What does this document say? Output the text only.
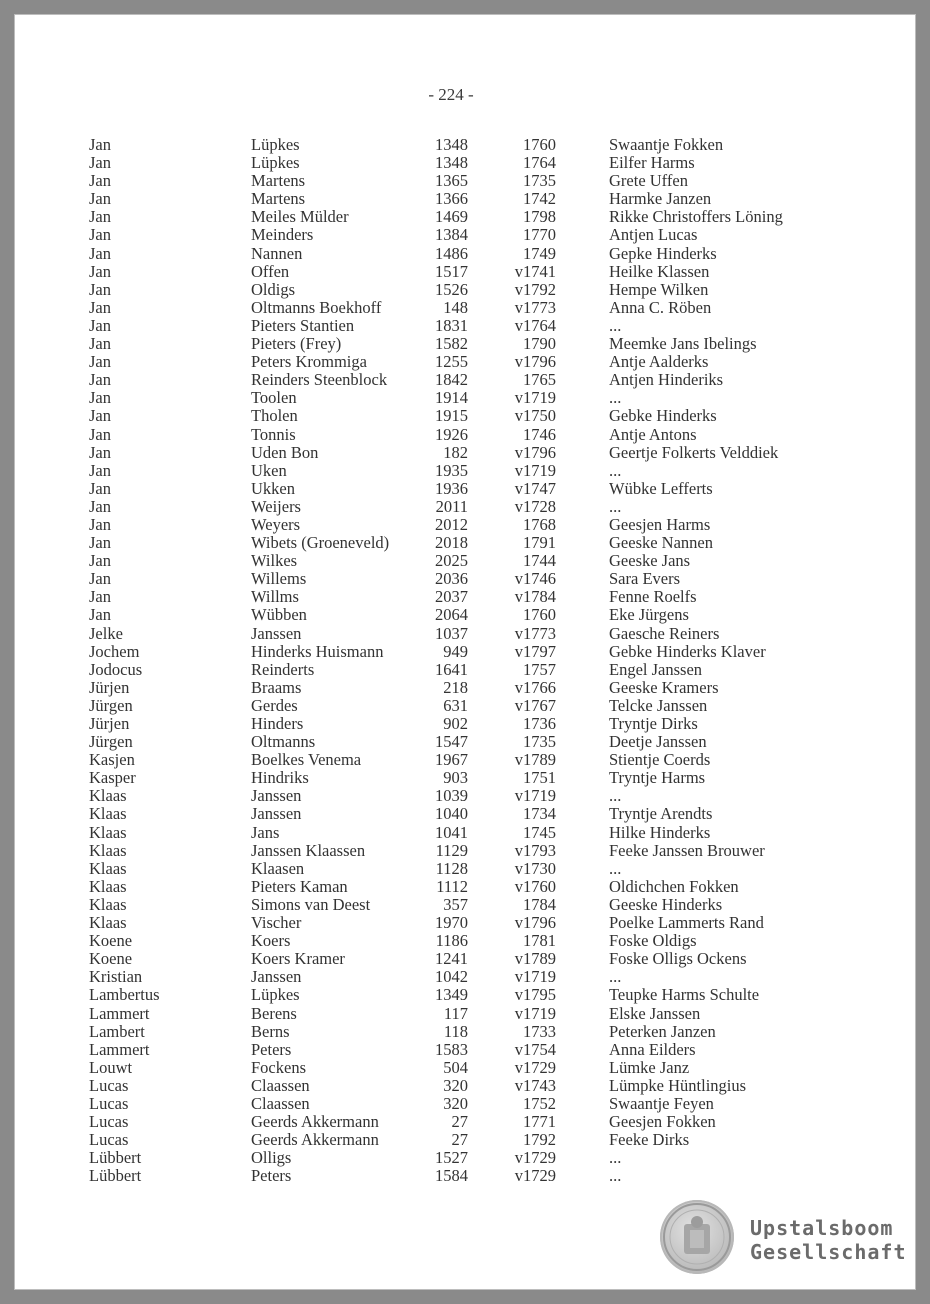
Jan	Lüpkes	1348	1760	Swaantje Fokken
Jan	Lüpkes	1348	1764	Eilfer Harms
Jan	Martens	1365	1735	Grete Uffen
Jan	Martens	1366	1742	Harmke Janzen
Jan	Meiles Mülder	1469	1798	Rikke Christoffers Löning
Jan	Meinders	1384	1770	Antjen Lucas
Jan	Nannen	1486	1749	Gepke Hinderks
Jan	Offen	1517	v1741	Heilke Klassen
Jan	Oldigs	1526	v1792	Hempe Wilken
Jan	Oltmanns Boekhoff	148	v1773	Anna C. Röben
Jan	Pieters Stantien	1831	v1764	...
Jan	Pieters (Frey)	1582	1790	Meemke Jans Ibelings
Jan	Peters Krommiga	1255	v1796	Antje Aalderks
Jan	Reinders Steenblock	1842	1765	Antjen Hinderiks
Jan	Toolen	1914	v1719	...
Jan	Tholen	1915	v1750	Gebke Hinderks
Jan	Tonnis	1926	1746	Antje Antons
Jan	Uden Bon	182	v1796	Geertje Folkerts Velddiek
Jan	Uken	1935	v1719	...
Jan	Ukken	1936	v1747	Wübke Lefferts
Jan	Weijers	2011	v1728	...
Jan	Weyers	2012	1768	Geesjen Harms
Jan	Wibets (Groeneveld)	2018	1791	Geeske Nannen
Jan	Wilkes	2025	1744	Geeske Jans
Jan	Willems	2036	v1746	Sara Evers
Jan	Willms	2037	v1784	Fenne Roelfs
Jan	Wübben	2064	1760	Eke Jürgens
Jelke	Janssen	1037	v1773	Gaesche Reiners
Jochem	Hinderks Huismann	949	v1797	Gebke Hinderks Klaver
Jodocus	Reinderts	1641	1757	Engel Janssen
Jürjen	Braams	218	v1766	Geeske Kramers
Jürgen	Gerdes	631	v1767	Telcke Janssen
Jürjen	Hinders	902	1736	Tryntje Dirks
Jürgen	Oltmanns	1547	1735	Deetje Janssen
Kasjen	Boelkes Venema	1967	v1789	Stientje Coerds
Kasper	Hindriks	903	1751	Tryntje Harms
Klaas	Janssen	1039	v1719	...
Klaas	Janssen	1040	1734	Tryntje Arendts
Klaas	Jans	1041	1745	Hilke Hinderks
Klaas	Janssen Klaassen	1129	v1793	Feeke Janssen Brouwer
Klaas	Klaasen	1128	v1730	...
Klaas	Pieters Kaman	1112	v1760	Oldichchen Fokken
Klaas	Simons van Deest	357	1784	Geeske Hinderks
Klaas	Vischer	1970	v1796	Poelke Lammerts Rand
Koene	Koers	1186	1781	Foske Oldigs
Koene	Koers Kramer	1241	v1789	Foske Olligs Ockens
Kristian	Janssen	1042	v1719	...
Lambertus	Lüpkes	1349	v1795	Teupke Harms Schulte
Lammert	Berens	117	v1719	Elske Janssen
Lambert	Berns	118	1733	Peterken Janzen
Lammert	Peters	1583	v1754	Anna Eilders
Louwt	Fockens	504	v1729	Lümke Janz
Lucas	Claassen	320	v1743	Lümpke Hüntlingius
Lucas	Claassen	320	1752	Swaantje Feyen
Lucas	Geerds Akkermann	27	1771	Geesjen Fokken
Lucas	Geerds Akkermann	27	1792	Feeke Dirks
Lübbert	Olligs	1527	v1729	...
Lübbert	Peters	1584	v1729	...
Upstalsboom
Gesellschaft
- 224 -
